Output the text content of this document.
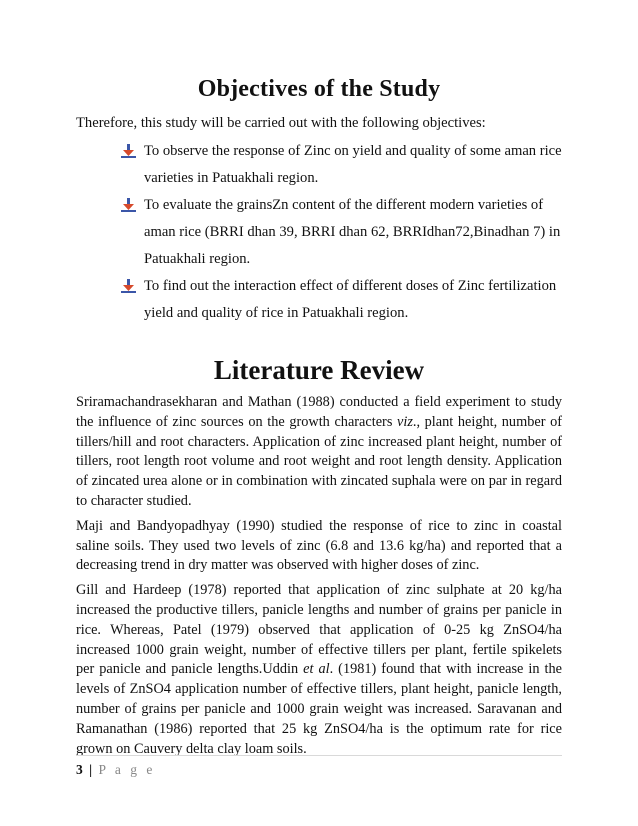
Objectives of the Study
Therefore, this study will be carried out with the following objectives:
To observe the response of Zinc on yield and quality of some aman rice
varieties in Patuakhali region.
To evaluate the grainsZn content of the different modern varieties of
aman rice (BRRI dhan 39, BRRI dhan 62, BRRIdhan72,Binadhan 7) in
Patuakhali region.
To find out the interaction effect of different doses of Zinc fertilization
yield and quality of rice in Patuakhali region.
Literature Review

Sriramachandrasekharan and Mathan (1988) conducted a field experiment to study the influence of zinc sources on the growth characters viz., plant height, number of tillers/hill and root characters. Application of zinc increased plant height, number of tillers, root length root volume and root weight and root length density. Application of zincated urea alone or in combination with zincated suphala were on par in regard to character studied.

Maji and Bandyopadhyay (1990) studied the response of rice to zinc in coastal saline soils. They used two levels of zinc (6.8 and 13.6 kg/ha) and reported that a decreasing trend in dry matter was observed with higher doses of zinc.

Gill and Hardeep (1978) reported that application of zinc sulphate at 20 kg/ha increased the productive tillers, panicle lengths and number of grains per panicle in rice. Whereas, Patel (1979) observed that application of 0-25 kg ZnSO4/ha increased 1000 grain weight, number of effective tillers per plant, fertile spikelets per panicle and panicle lengths.Uddin et al. (1981) found that with increase in the levels of ZnSO4 application number of effective tillers, plant height, panicle length, number of grains per panicle and 1000 grain weight was increased. Saravanan and Ramanathan (1986) reported that 25 kg ZnSO4/ha is the optimum rate for rice grown on Cauvery delta clay loam soils.

3 | P a g e
